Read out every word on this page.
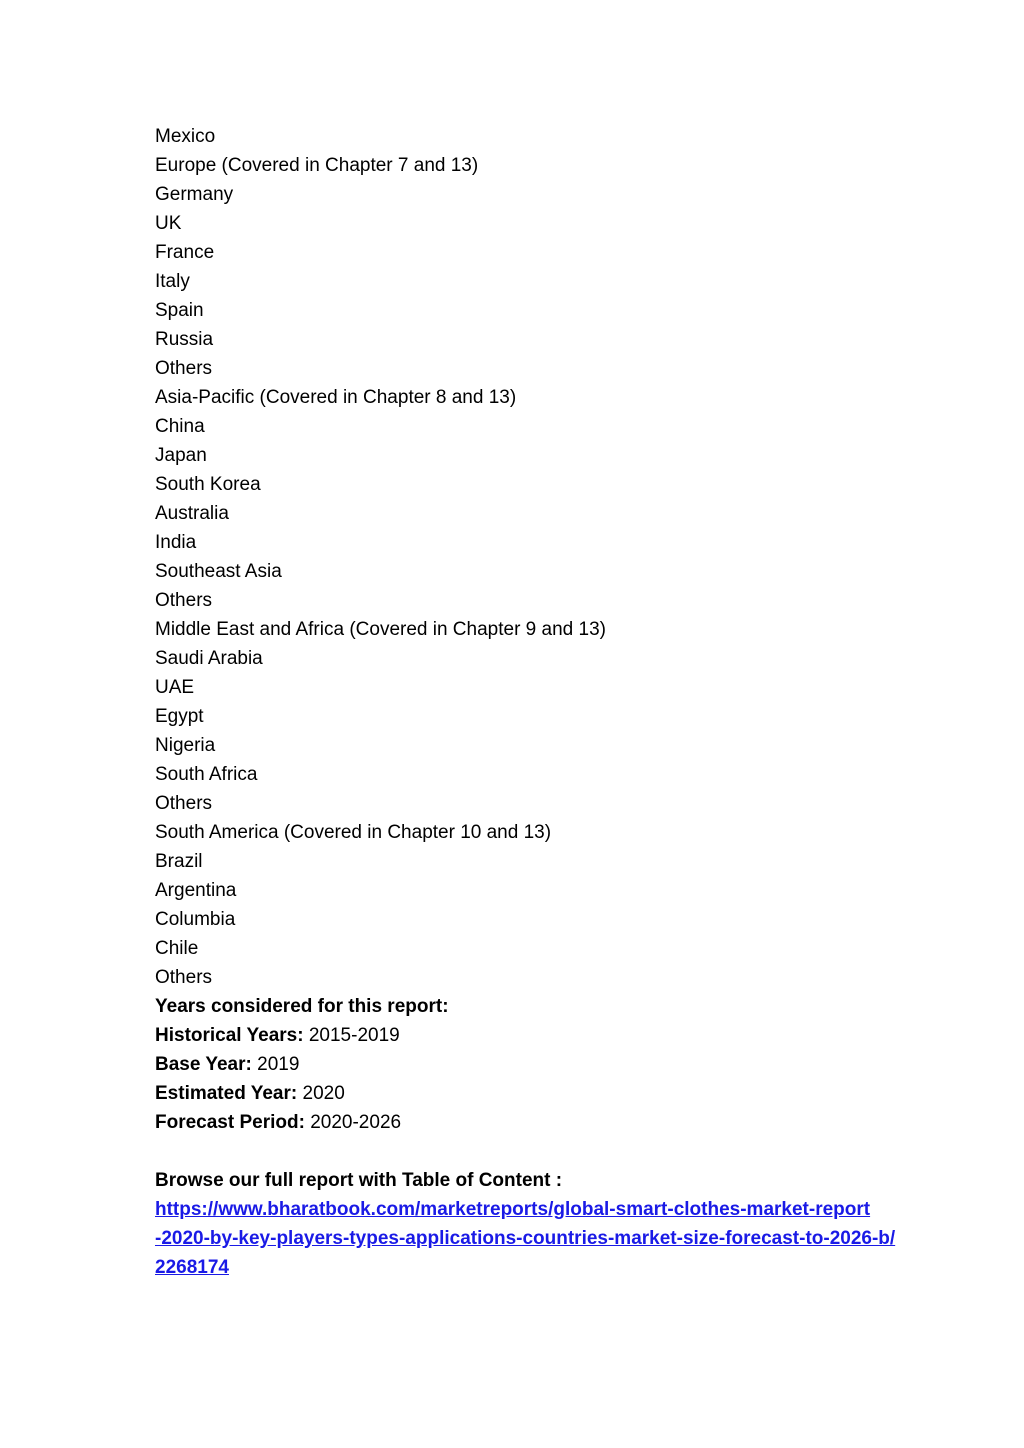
Mexico
Europe (Covered in Chapter 7 and 13)
Germany
UK
France
Italy
Spain
Russia
Others
Asia-Pacific (Covered in Chapter 8 and 13)
China
Japan
South Korea
Australia
India
Southeast Asia
Others
Middle East and Africa (Covered in Chapter 9 and 13)
Saudi Arabia
UAE
Egypt
Nigeria
South Africa
Others
South America (Covered in Chapter 10 and 13)
Brazil
Argentina
Columbia
Chile
Others
Years considered for this report:
Historical Years: 2015-2019
Base Year: 2019
Estimated Year: 2020
Forecast Period: 2020-2026
Browse our full report with Table of Content :
https://www.bharatbook.com/marketreports/global-smart-clothes-market-report
-2020-by-key-players-types-applications-countries-market-size-forecast-to-2026-b/
2268174
